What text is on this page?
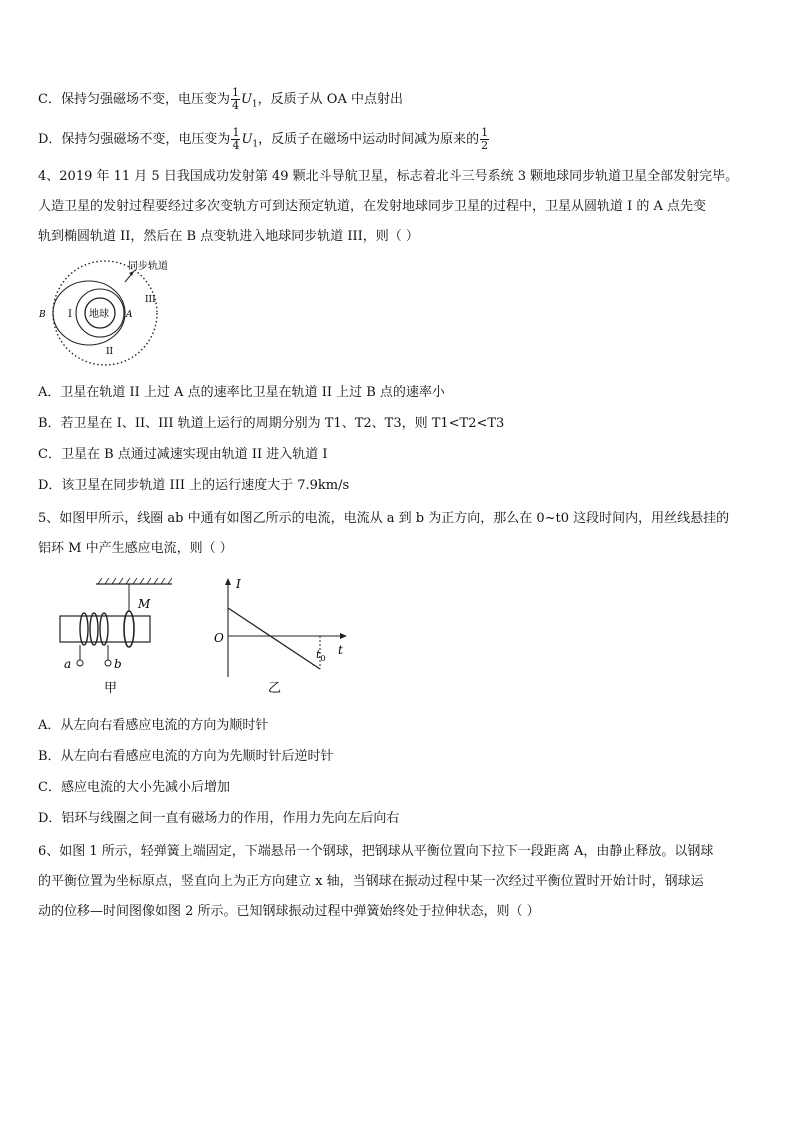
C．保持匀强磁场不变，电压变为 $\frac{1}{4} U_1$，反质子从 OA 中点射出
D．保持匀强磁场不变，电压变为 $\frac{1}{4} U_1$，反质子在磁场中运动时间减为原来的 $\frac{1}{2}$
4、2019 年 11 月 5 日我国成功发射第 49 颗北斗导航卫星，标志着北斗三号系统 3 颗地球同步轨道卫星全部发射完毕。
人造卫星的发射过程要经过多次变轨方可到达预定轨道，在发射地球同步卫星的过程中，卫星从圆轨道 I 的 A 点先变
轨到椭圆轨道 II，然后在 B 点变轨进入地球同步轨道 III，则（ ）
地球
I
II
III
A
B
同步轨道
A．卫星在轨道 II 上过 A 点的速率比卫星在轨道 II 上过 B 点的速率小
B．若卫星在 I、II、III 轨道上运行的周期分别为 T1、T2、T3，则 T1<T2<T3
C．卫星在 B 点通过减速实现由轨道 II 进入轨道 I
D．该卫星在同步轨道 III 上的运行速度大于 7.9km/s
5、如图甲所示，线圈 ab 中通有如图乙所示的电流，电流从 a 到 b 为正方向，那么在 0~t0 这段时间内，用丝线悬挂的
铝环 M 中产生感应电流，则（ ）
M
a	b
甲
I
O
t
$t_0$
乙
A．从左向右看感应电流的方向为顺时针
B．从左向右看感应电流的方向为先顺时针后逆时针
C．感应电流的大小先减小后增加
D．铝环与线圈之间一直有磁场力的作用，作用力先向左后向右
6、如图 1 所示，轻弹簧上端固定，下端悬吊一个钢球，把钢球从平衡位置向下拉下一段距离 A，由静止释放。以钢球
的平衡位置为坐标原点，竖直向上为正方向建立 x 轴，当钢球在振动过程中某一次经过平衡位置时开始计时，钢球运
动的位移—时间图像如图 2 所示。已知钢球振动过程中弹簧始终处于拉伸状态，则（ ）
